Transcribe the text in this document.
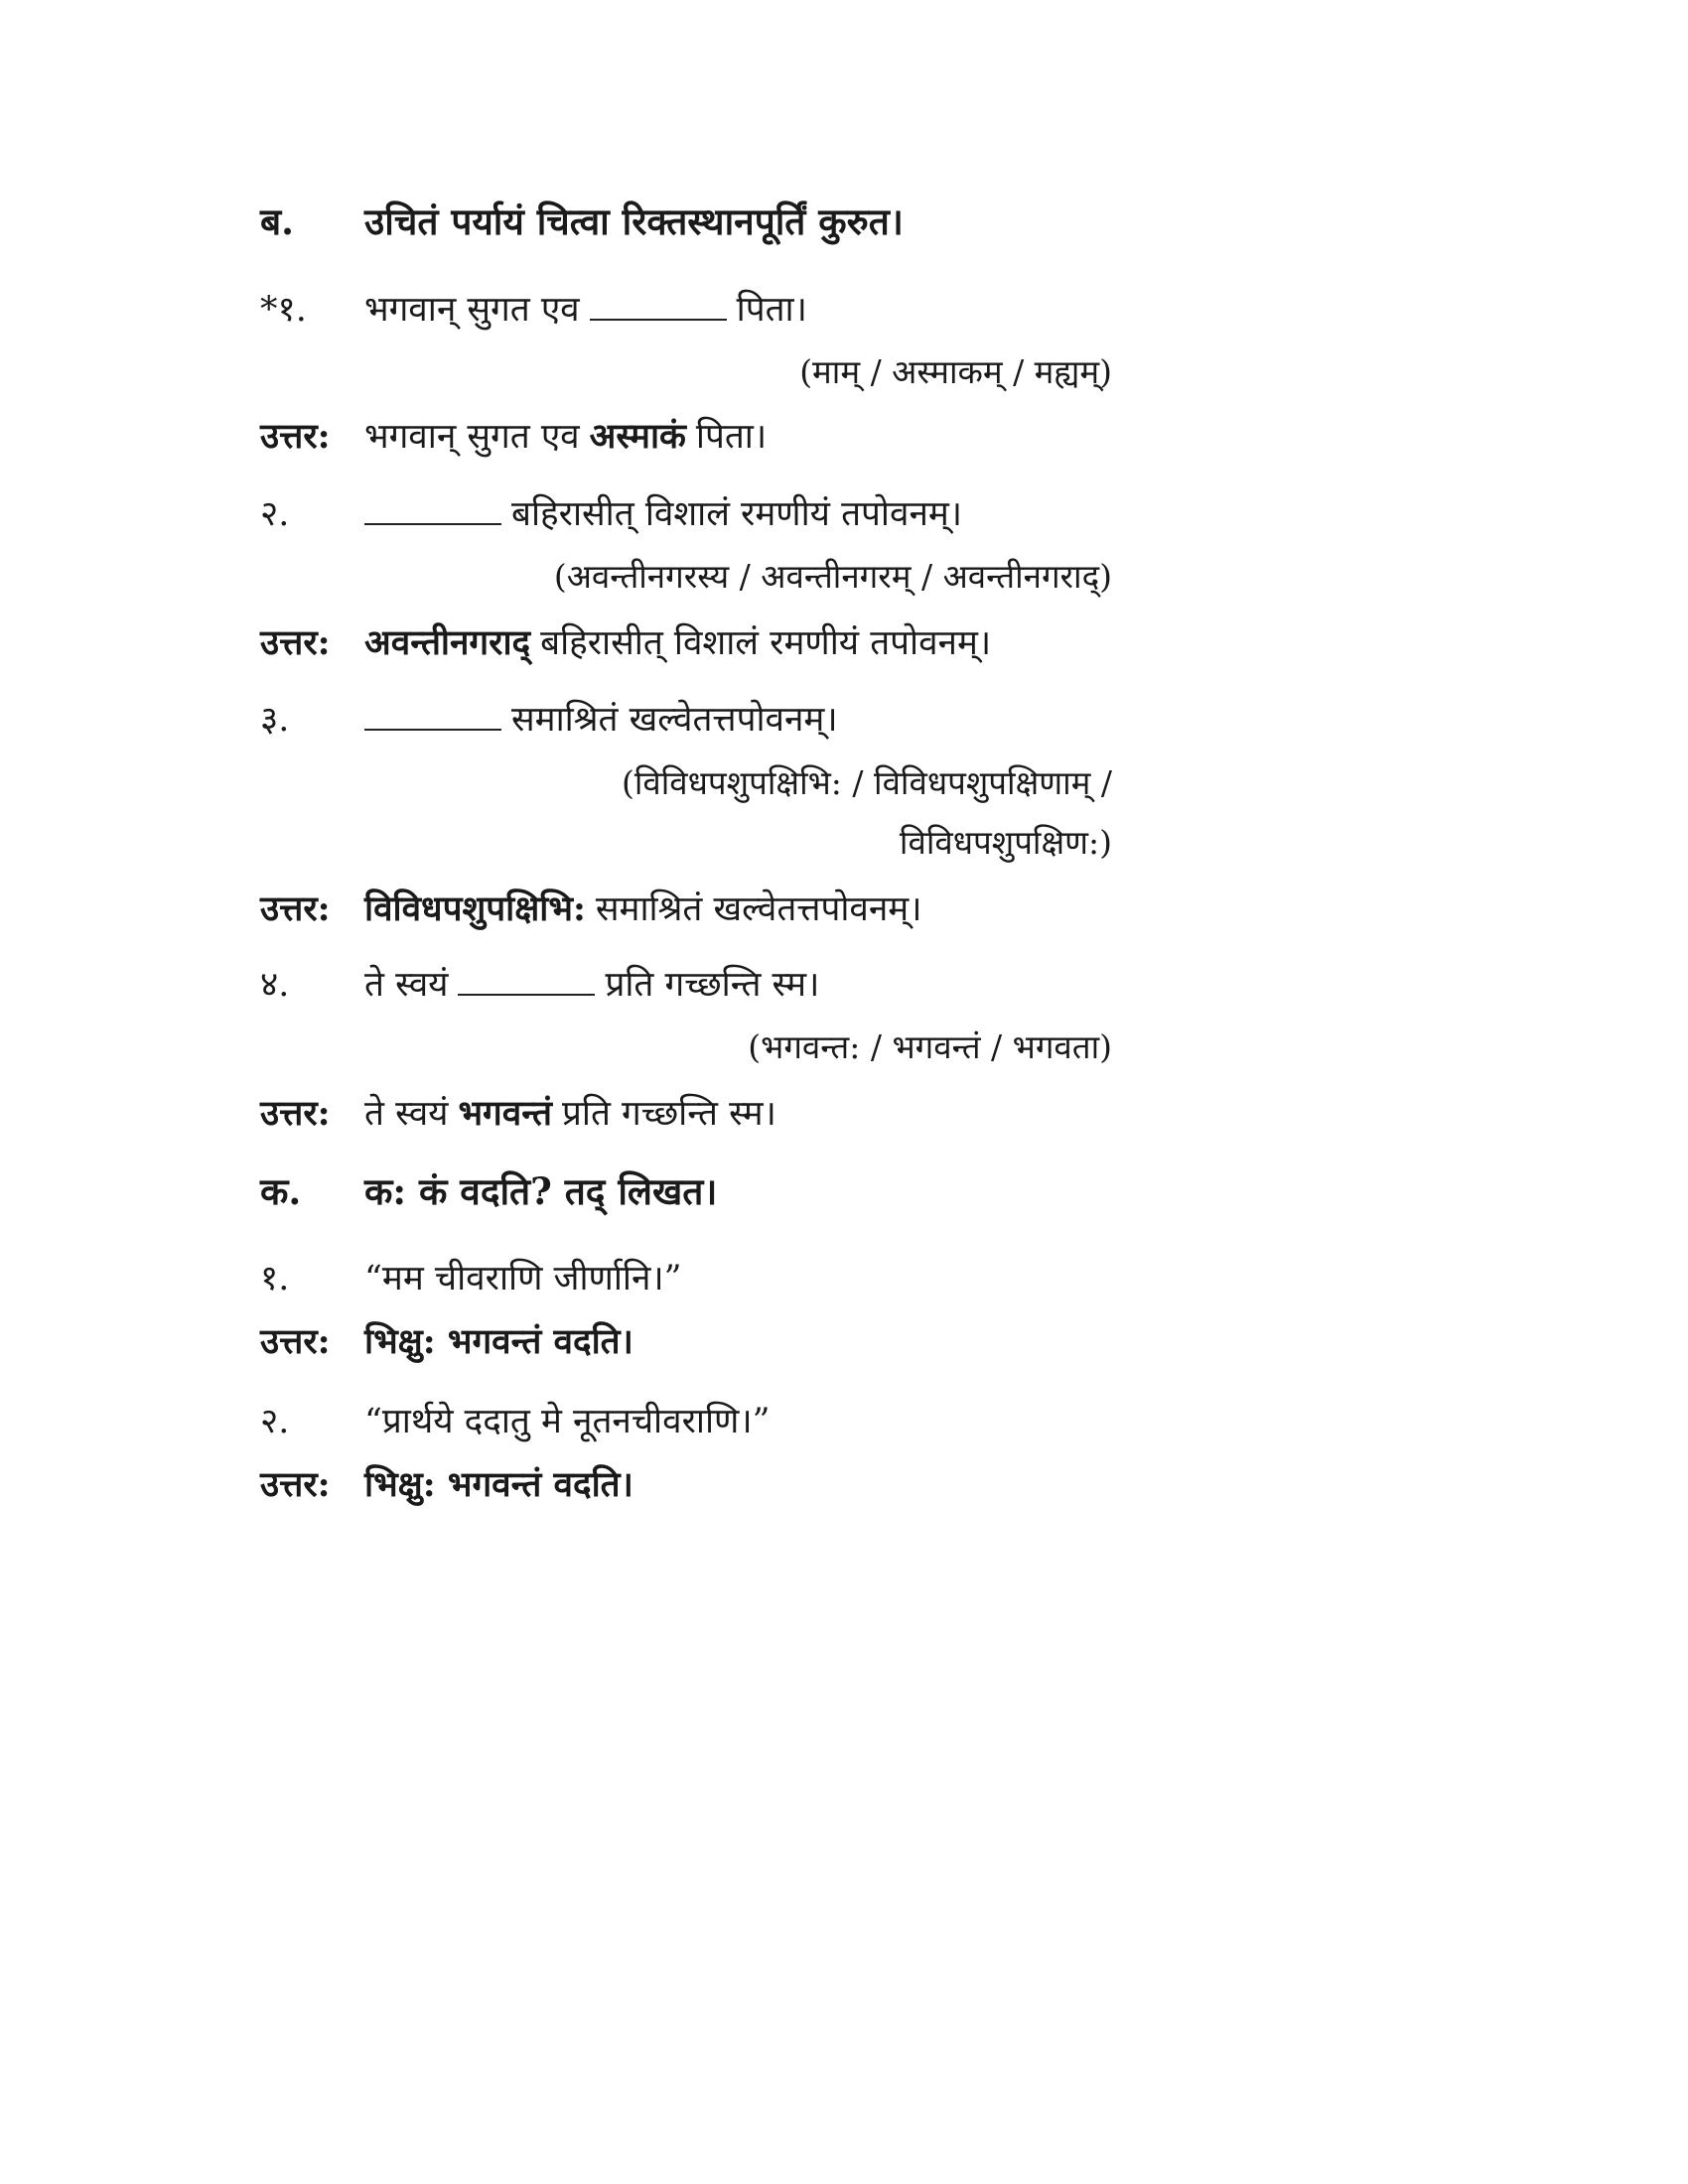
ब.	उचितं पर्यायं चित्वा रिक्तस्थानपूर्तिं कुरुत।
*१.	भगवान् सुगत एव	पिता।
(माम् / अस्माकम् / मह्यम्)
उत्तर: भगवान् सुगत एव अस्माकं पिता।
२.	बहिरासीत् विशालं रमणीयं तपोवनम्।
(अवन्तीनगरस्य / अवन्तीनगरम् / अवन्तीनगराद्)
उत्तर: अवन्तीनगराद् बहिरासीत् विशालं रमणीयं तपोवनम्।
३.	समाश्रितं खल्वेतत्तपोवनम्।
(विविधपशुपक्षिभि: / विविधपशुपक्षिणाम् /
विविधपशुपक्षिण:)
उत्तर: विविधपशुपक्षिभि: समाश्रितं खल्वेतत्तपोवनम्।
४.	ते स्वयं	प्रति गच्छन्ति स्म।
(भगवन्त: / भगवन्तं / भगवता)
उत्तर: ते स्वयं भगवन्तं प्रति गच्छन्ति स्म।
क.	क: कं वदति? तद् लिखत।
१.	“मम चीवराणि जीर्णानि।”
उत्तर: भिक्षु: भगवन्तं वदति।
२.	“प्रार्थये ददातु मे नूतनचीवराणि।”
उत्तर: भिक्षु: भगवन्तं वदति।
